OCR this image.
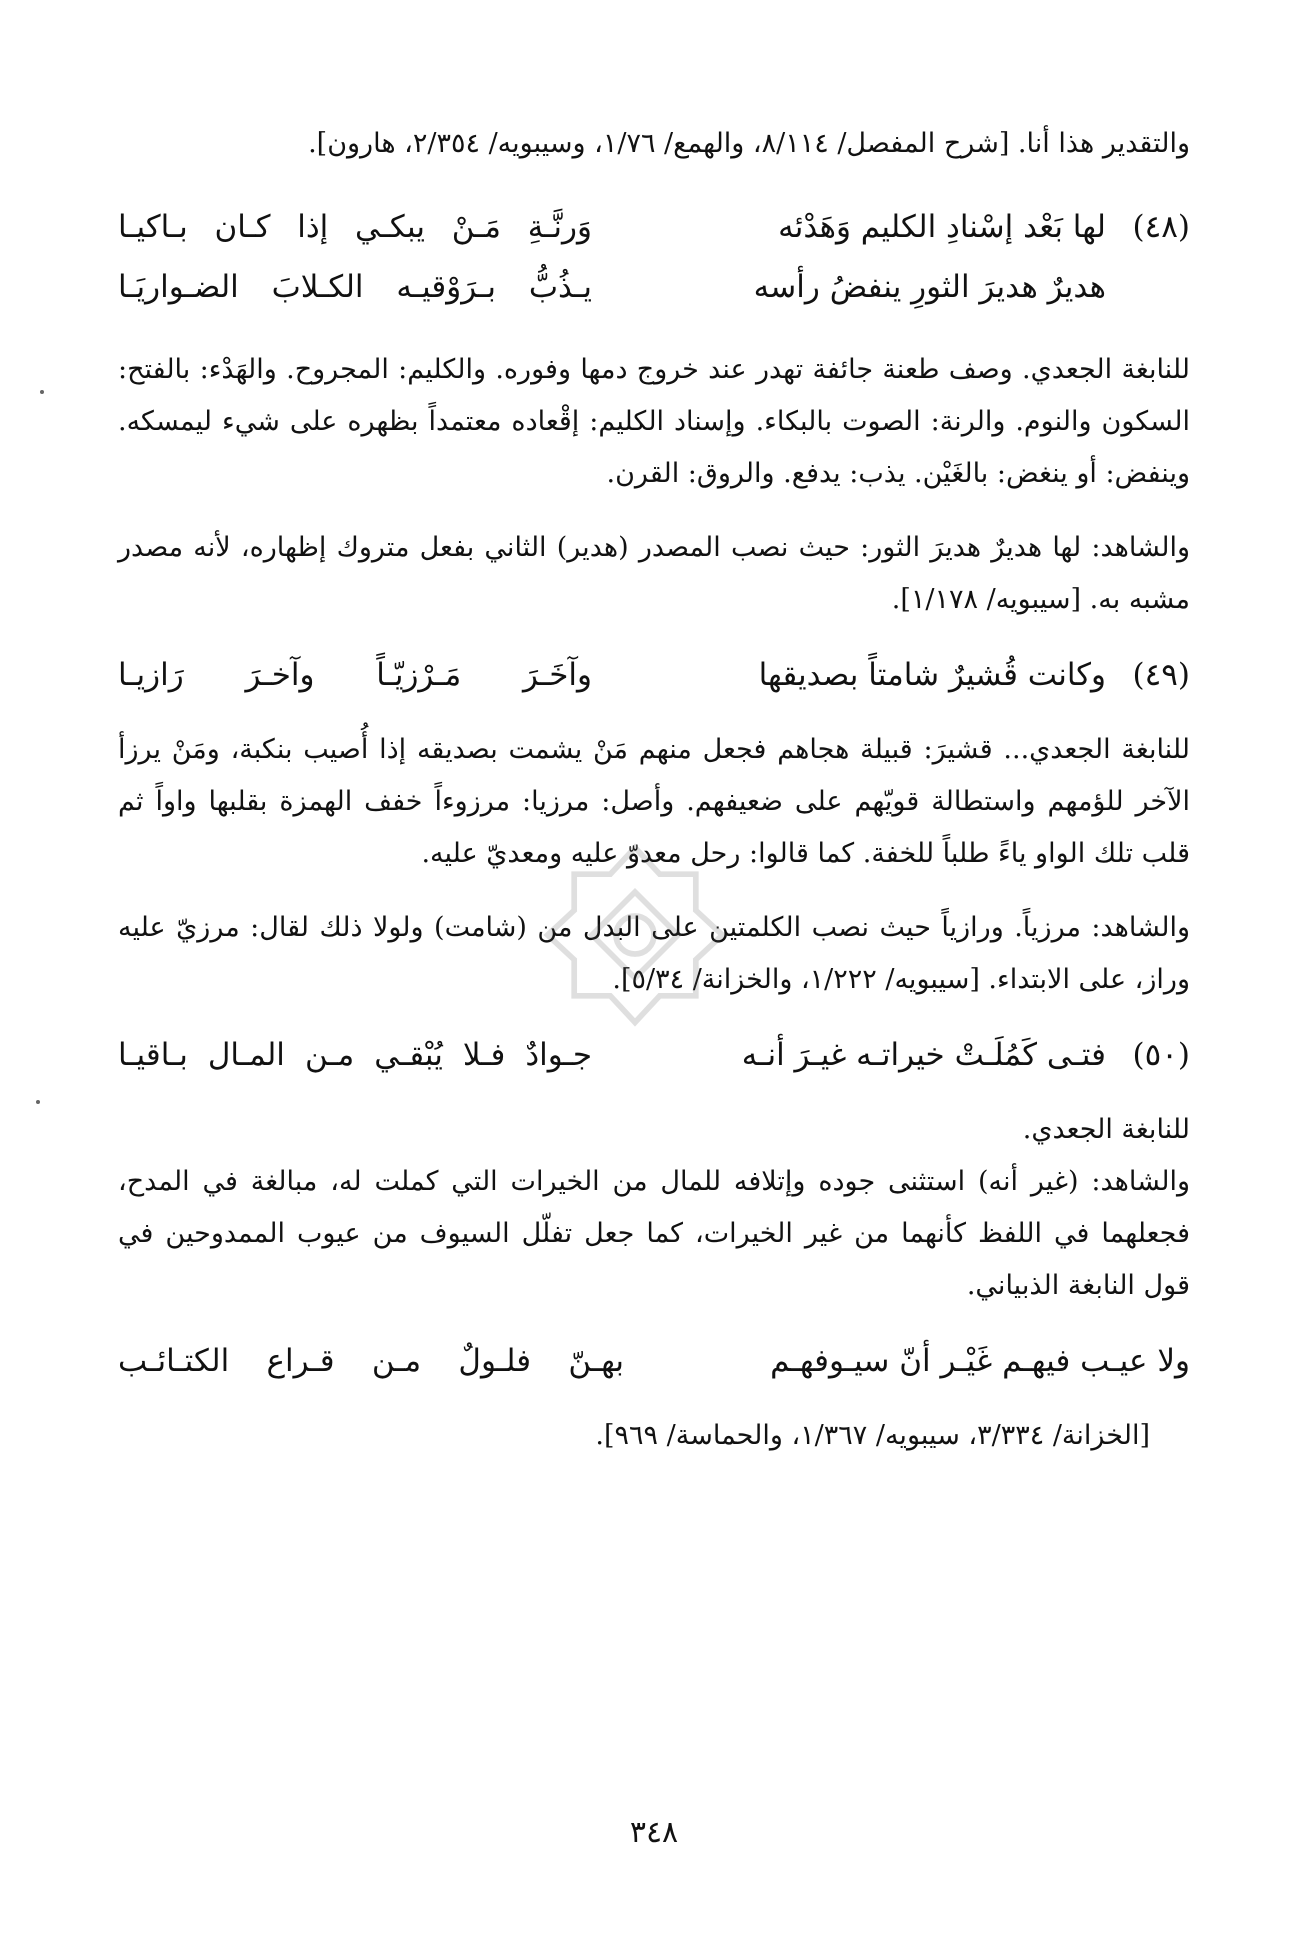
والتقدير هذا أنا. [شرح المفصل/ ٨/١١٤، والهمع/ ١/٧٦، وسيبويه/ ٢/٣٥٤، هارون].

(٤٨)
لها بَعْد إسْنادِ الكليم وَهَدْئه
وَرنَّـةِ مَـنْ يبكـي إذا كـان بـاكيـا
هديرٌ هديرَ الثورِ ينفضُ رأسه
يـذُبُّ بـرَوْقيـه الكـلابَ الضـواريَـا

للنابغة الجعدي. وصف طعنة جائفة تهدر عند خروج دمها وفوره. والكليم: المجروح. والهَدْء: بالفتح: السكون والنوم. والرنة: الصوت بالبكاء. وإسناد الكليم: إقْعاده معتمداً بظهره على شيء ليمسكه. وينفض: أو ينغض: بالغَيْن. يذب: يدفع. والروق: القرن.

والشاهد: لها هديرٌ هديرَ الثور: حيث نصب المصدر (هدير) الثاني بفعل متروك إظهاره، لأنه مصدر مشبه به. [سيبويه/ ١/١٧٨].

(٤٩)
وكانت قُشيرٌ شامتاً بصديقها
وآخَـرَ مَـرْزيّـاً وآخـرَ رَازيـا

للنابغة الجعدي... قشيرَ: قبيلة هجاهم فجعل منهم مَنْ يشمت بصديقه إذا أُصيب بنكبة، ومَنْ يرزأ الآخر للؤمهم واستطالة قويّهم على ضعيفهم. وأصل: مرزيا: مرزوءاً خفف الهمزة بقلبها واواً ثم قلب تلك الواو ياءً طلباً للخفة. كما قالوا: رحل معدوّ عليه ومعديّ عليه.

والشاهد: مرزياً. ورازياً حيث نصب الكلمتين على البدل من (شامت) ولولا ذلك لقال: مرزيّ عليه وراز، على الابتداء. [سيبويه/ ١/٢٢٢، والخزانة/ ٥/٣٤].

(٥٠)
فتـى كَمُلَـتْ خيراتـه غيـرَ أنـه
جـوادٌ فـلا يُبْقـي مـن المـال بـاقيـا

للنابغة الجعدي.

والشاهد: (غير أنه) استثنى جوده وإتلافه للمال من الخيرات التي كملت له، مبالغة في المدح، فجعلهما في اللفظ كأنهما من غير الخيرات، كما جعل تفلّل السيوف من عيوب الممدوحين في قول النابغة الذبياني.

ولا عيـب فيهـم غَيْـر أنّ سيـوفهـم
بهـنّ فلـولٌ مـن قـراع الكتـائـب

[الخزانة/ ٣/٣٣٤، سيبويه/ ١/٣٦٧، والحماسة/ ٩٦٩].

٣٤٨
